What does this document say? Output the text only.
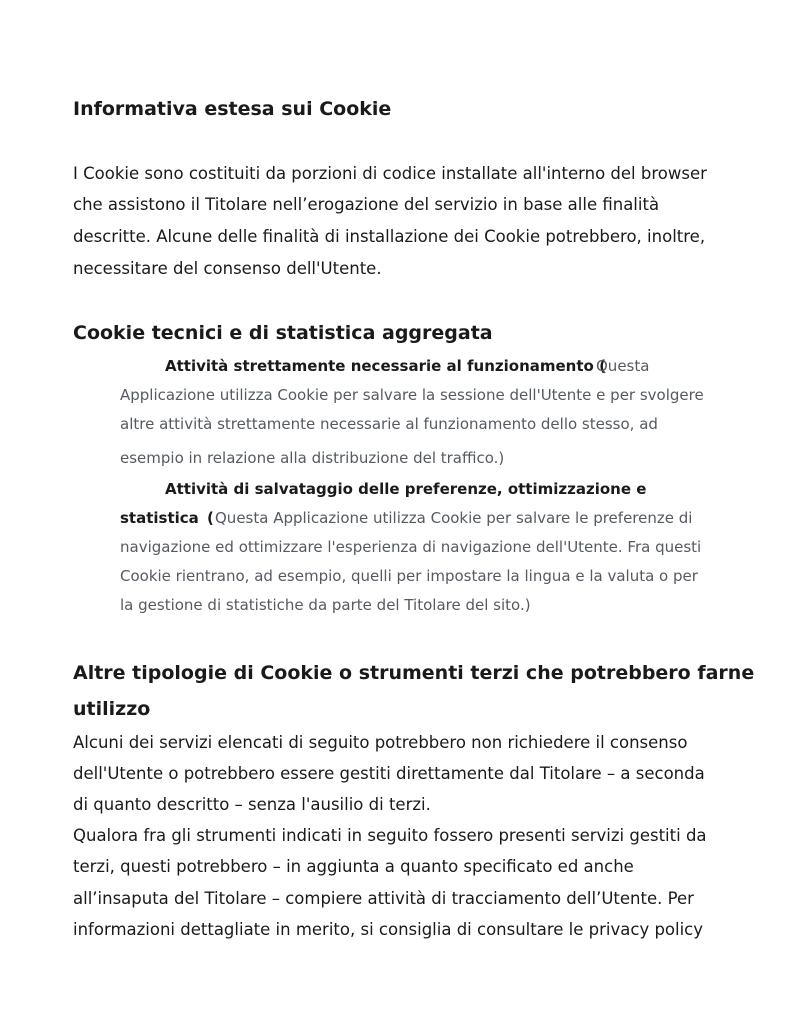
Informativa estesa sui Cookie
I Cookie sono costituiti da porzioni di codice installate all'interno del browser
che assistono il Titolare nell’erogazione del servizio in base alle finalità
descritte. Alcune delle finalità di installazione dei Cookie potrebbero, inoltre,
necessitare del consenso dell'Utente.
Cookie tecnici e di statistica aggregata
Attività strettamente necessarie al funzionamento (
Questa
Applicazione utilizza Cookie per salvare la sessione dell'Utente e per svolgere
altre attività strettamente necessarie al funzionamento dello stesso, ad
esempio in relazione alla distribuzione del traffico.)
Attività di salvataggio delle preferenze, ottimizzazione e
statistica ( Questa Applicazione utilizza Cookie per salvare le preferenze di
navigazione ed ottimizzare l'esperienza di navigazione dell'Utente. Fra questi
Cookie rientrano, ad esempio, quelli per impostare la lingua e la valuta o per
la gestione di statistiche da parte del Titolare del sito.)
Altre tipologie di Cookie o strumenti terzi che potrebbero farne
utilizzo
Alcuni dei servizi elencati di seguito potrebbero non richiedere il consenso
dell'Utente o potrebbero essere gestiti direttamente dal Titolare – a seconda
di quanto descritto – senza l'ausilio di terzi.
Qualora fra gli strumenti indicati in seguito fossero presenti servizi gestiti da
terzi, questi potrebbero – in aggiunta a quanto specificato ed anche
all’insaputa del Titolare – compiere attività di tracciamento dell’Utente. Per
informazioni dettagliate in merito, si consiglia di consultare le privacy policy
